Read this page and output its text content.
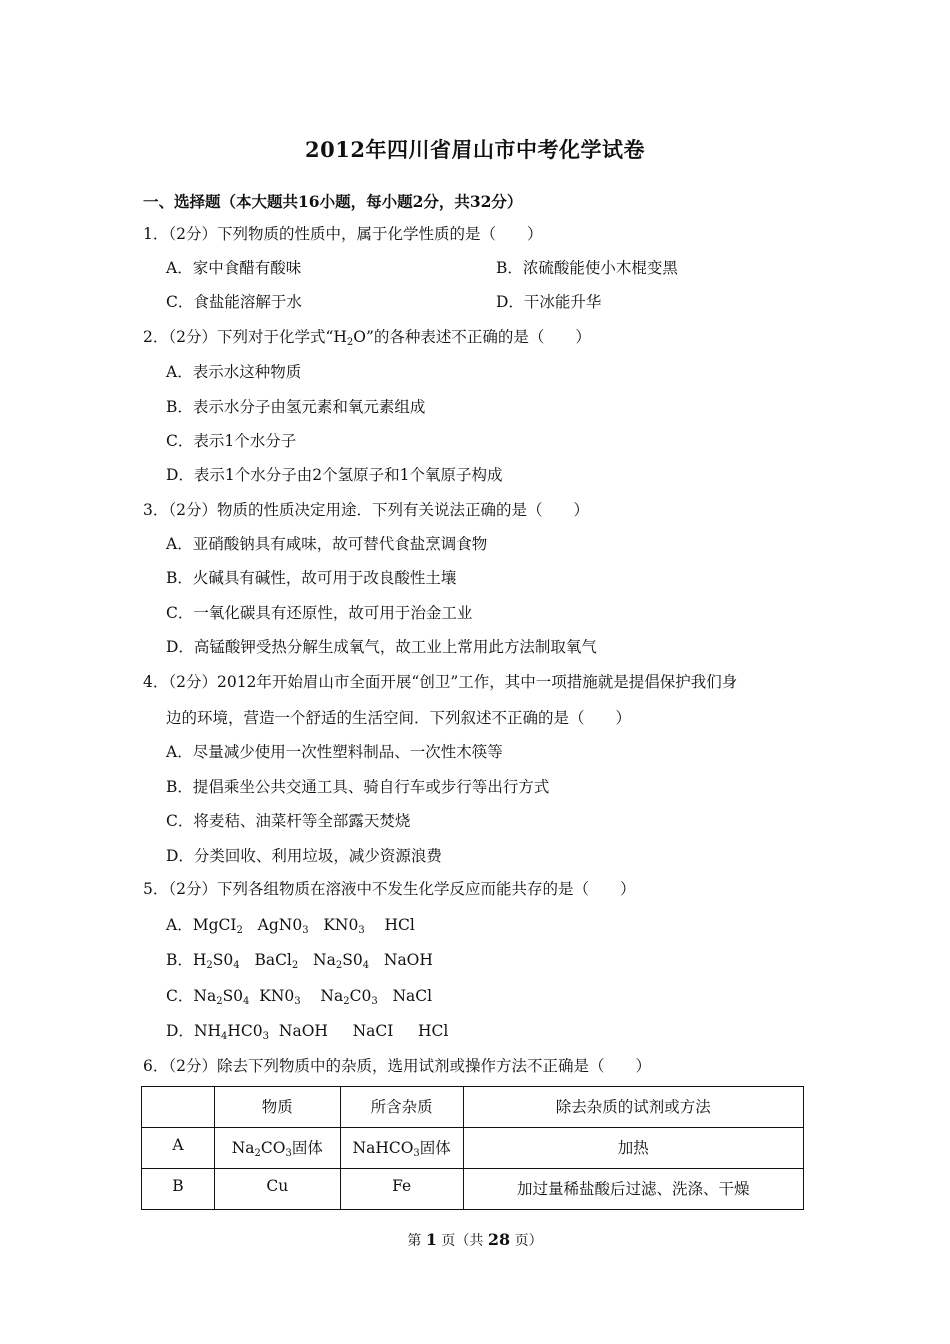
2012年四川省眉山市中考化学试卷
一、选择题（本大题共16小题，每小题2分，共32分）
1．（2分）下列物质的性质中，属于化学性质的是（　　）
A．家中食醋有酸味	B．浓硫酸能使小木棍变黑
C．食盐能溶解于水	D．干冰能升华
2．（2分）下列对于化学式“$H_2O$”的各种表述不正确的是（　　）
A．表示水这种物质
B．表示水分子由氢元素和氧元素组成
C．表示1个水分子
D．表示1个水分子由2个氢原子和1个氧原子构成
3．（2分）物质的性质决定用途．下列有关说法正确的是（　　）
A．亚硝酸钠具有咸味，故可替代食盐烹调食物
B．火碱具有碱性，故可用于改良酸性土壤
C．一氧化碳具有还原性，故可用于治金工业
D．高锰酸钾受热分解生成氧气，故工业上常用此方法制取氧气
4．（2分）2012年开始眉山市全面开展“创卫”工作，其中一项措施就是提倡保护我们身
边的环境，营造一个舒适的生活空间．下列叙述不正确的是（　　）
A．尽量减少使用一次性塑料制品、一次性木筷等
B．提倡乘坐公共交通工具、骑自行车或步行等出行方式
C．将麦秸、油菜杆等全部露天焚烧
D．分类回收、利用垃圾，减少资源浪费
5．（2分）下列各组物质在溶液中不发生化学反应而能共存的是（　　）
A．MgCI$_2$ $AgN0_3$ $KN0_3$ HCl
B．$H_2S0_4$ BaCl$_2$ $Na_2S0_4$ NaOH
C．$Na_2S0_4$ $KN0_3$ $Na_2C0_3$ NaCl
D．$NH_4HC0_3$ NaOH NaCI HCl
6．（2分）除去下列物质中的杂质，选用试剂或操作方法不正确是（　　）
	物质	所含杂质	除去杂质的试剂或方法
A	$Na_2CO_3$固体	NaHCO$_3$固体	加热
B	Cu	Fe	加过量稀盐酸后过滤、洗涤、干燥
第 1 页（共 28 页）
